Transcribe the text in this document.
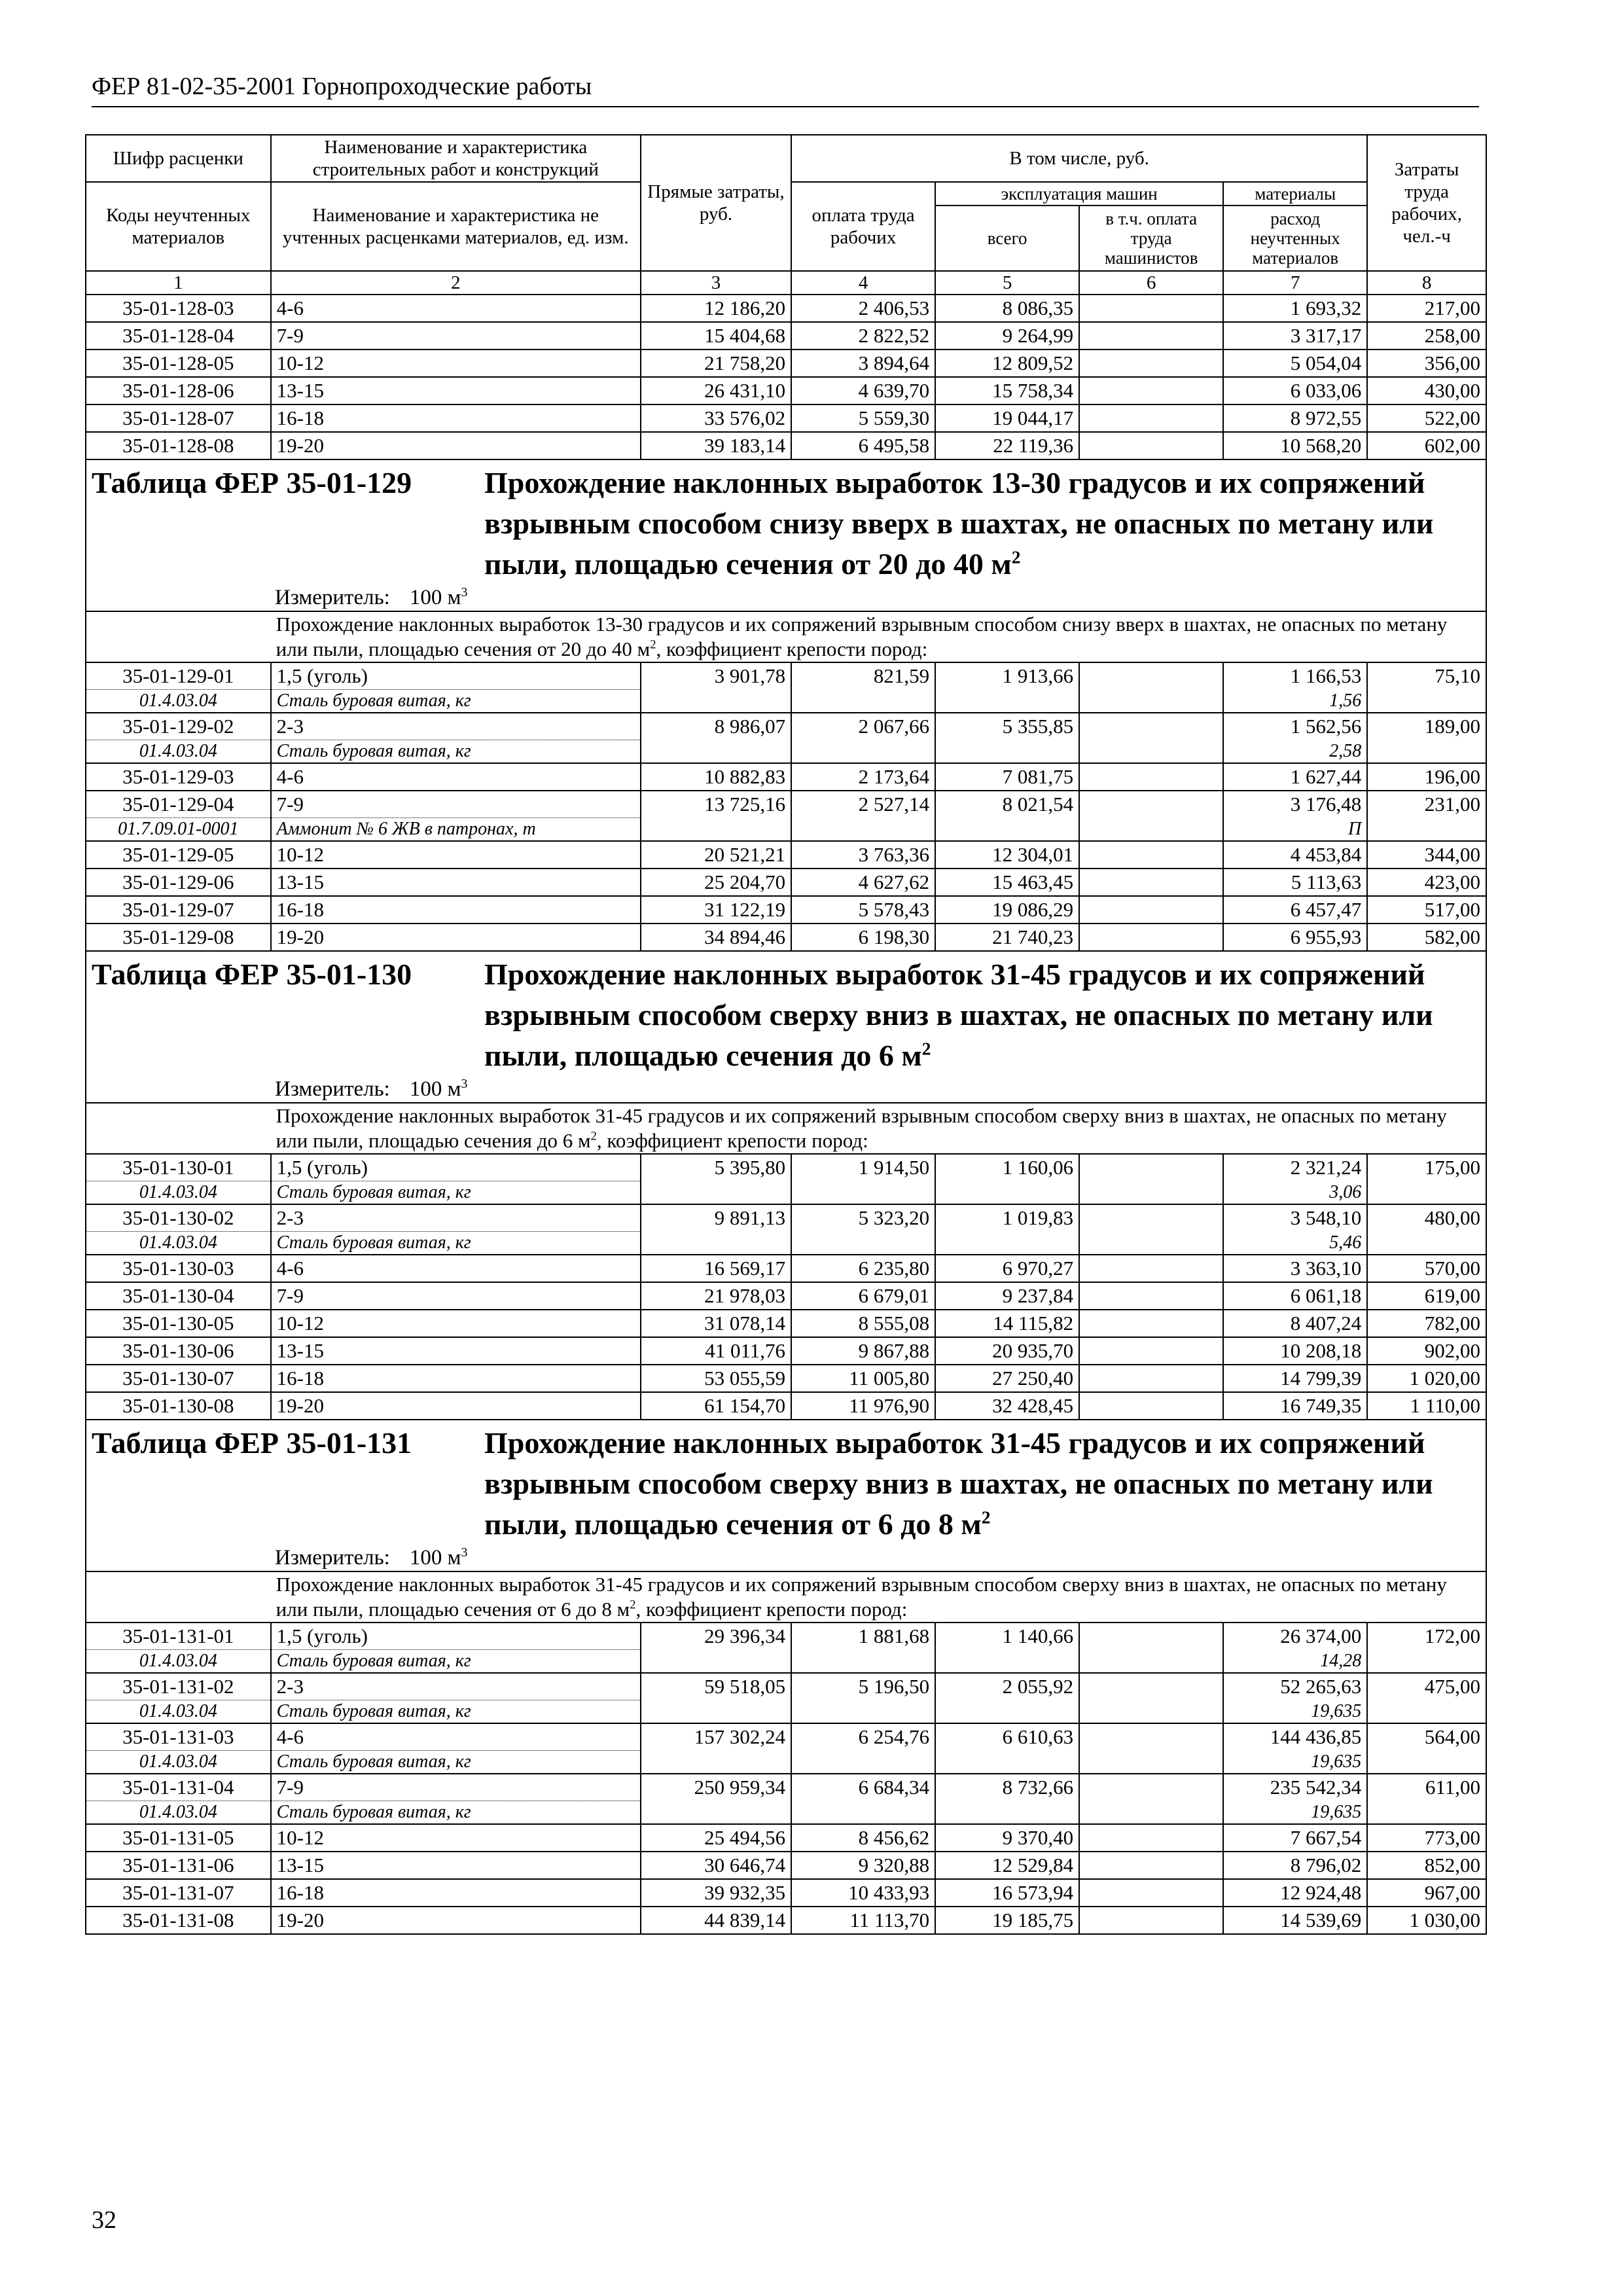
ФЕР 81-02-35-2001 Горнопроходческие работы
Шифр расценки	Наименование и характеристика строительных работ и конструкций	Прямые затраты, руб.	В том числе, руб.				Затраты труда рабочих, чел.-ч
Коды неучтенных материалов	Наименование и характеристика не учтенных расценками материалов, ед. изм.		оплата труда рабочих	эксплуатация машин		материалы	
				всего	в т.ч. оплата труда машинистов	расход неучтенных материалов	
1	2	3	4	5	6	7	8
35-01-128-03	4-6	12 186,20	2 406,53	8 086,35		1 693,32	217,00
35-01-128-04	7-9	15 404,68	2 822,52	9 264,99		3 317,17	258,00
35-01-128-05	10-12	21 758,20	3 894,64	12 809,52		5 054,04	356,00
35-01-128-06	13-15	26 431,10	4 639,70	15 758,34		6 033,06	430,00
35-01-128-07	16-18	33 576,02	5 559,30	19 044,17		8 972,55	522,00
35-01-128-08	19-20	39 183,14	6 495,58	22 119,36		10 568,20	602,00

Таблица ФЕР 35-01-129 Прохождение наклонных выработок 13-30 градусов и их сопряжений взрывным способом снизу вверх в шахтах, не опасных по метану или пыли, площадью сечения от 20 до 40 $м^2$
Измеритель: 100 $м^3$

	Прохождение наклонных выработок 13-30 градусов и их сопряжений взрывным способом снизу вверх в шахтах, не опасных по метану или пыли, площадью сечения от 20 до 40 $м^2$, коэффициент крепости пород:						
35-01-129-01	1,5 (уголь)	3 901,78	821,59	1 913,66		1 166,53	75,10
01.4.03.04	Сталь буровая витая, кг					1,56	
35-01-129-02	2-3	8 986,07	2 067,66	5 355,85		1 562,56	189,00
01.4.03.04	Сталь буровая витая, кг					2,58	
35-01-129-03	4-6	10 882,83	2 173,64	7 081,75		1 627,44	196,00
35-01-129-04	7-9	13 725,16	2 527,14	8 021,54		3 176,48	231,00
01.7.09.01-0001	Аммонит № 6 ЖВ в патронах, т					П	
35-01-129-05	10-12	20 521,21	3 763,36	12 304,01		4 453,84	344,00
35-01-129-06	13-15	25 204,70	4 627,62	15 463,45		5 113,63	423,00
35-01-129-07	16-18	31 122,19	5 578,43	19 086,29		6 457,47	517,00
35-01-129-08	19-20	34 894,46	6 198,30	21 740,23		6 955,93	582,00

Таблица ФЕР 35-01-130 Прохождение наклонных выработок 31-45 градусов и их сопряжений взрывным способом сверху вниз в шахтах, не опасных по метану или пыли, площадью сечения до 6 $м^2$
Измеритель: 100 $м^3$

	Прохождение наклонных выработок 31-45 градусов и их сопряжений взрывным способом сверху вниз в шахтах, не опасных по метану или пыли, площадью сечения до 6 $м^2$, коэффициент крепости пород:						
35-01-130-01	1,5 (уголь)	5 395,80	1 914,50	1 160,06		2 321,24	175,00
01.4.03.04	Сталь буровая витая, кг					3,06	
35-01-130-02	2-3	9 891,13	5 323,20	1 019,83		3 548,10	480,00
01.4.03.04	Сталь буровая витая, кг					5,46	
35-01-130-03	4-6	16 569,17	6 235,80	6 970,27		3 363,10	570,00
35-01-130-04	7-9	21 978,03	6 679,01	9 237,84		6 061,18	619,00
35-01-130-05	10-12	31 078,14	8 555,08	14 115,82		8 407,24	782,00
35-01-130-06	13-15	41 011,76	9 867,88	20 935,70		10 208,18	902,00
35-01-130-07	16-18	53 055,59	11 005,80	27 250,40		14 799,39	1 020,00
35-01-130-08	19-20	61 154,70	11 976,90	32 428,45		16 749,35	1 110,00

Таблица ФЕР 35-01-131 Прохождение наклонных выработок 31-45 градусов и их сопряжений взрывным способом сверху вниз в шахтах, не опасных по метану или пыли, площадью сечения от 6 до 8 $м^2$
Измеритель: 100 $м^3$

	Прохождение наклонных выработок 31-45 градусов и их сопряжений взрывным способом сверху вниз в шахтах, не опасных по метану или пыли, площадью сечения от 6 до 8 $м^2$, коэффициент крепости пород:						
35-01-131-01	1,5 (уголь)	29 396,34	1 881,68	1 140,66		26 374,00	172,00
01.4.03.04	Сталь буровая витая, кг					14,28	
35-01-131-02	2-3	59 518,05	5 196,50	2 055,92		52 265,63	475,00
01.4.03.04	Сталь буровая витая, кг					19,635	
35-01-131-03	4-6	157 302,24	6 254,76	6 610,63		144 436,85	564,00
01.4.03.04	Сталь буровая витая, кг					19,635	
35-01-131-04	7-9	250 959,34	6 684,34	8 732,66		235 542,34	611,00
01.4.03.04	Сталь буровая витая, кг					19,635	
35-01-131-05	10-12	25 494,56	8 456,62	9 370,40		7 667,54	773,00
35-01-131-06	13-15	30 646,74	9 320,88	12 529,84		8 796,02	852,00
35-01-131-07	16-18	39 932,35	10 433,93	16 573,94		12 924,48	967,00
35-01-131-08	19-20	44 839,14	11 113,70	19 185,75		14 539,69	1 030,00
32
